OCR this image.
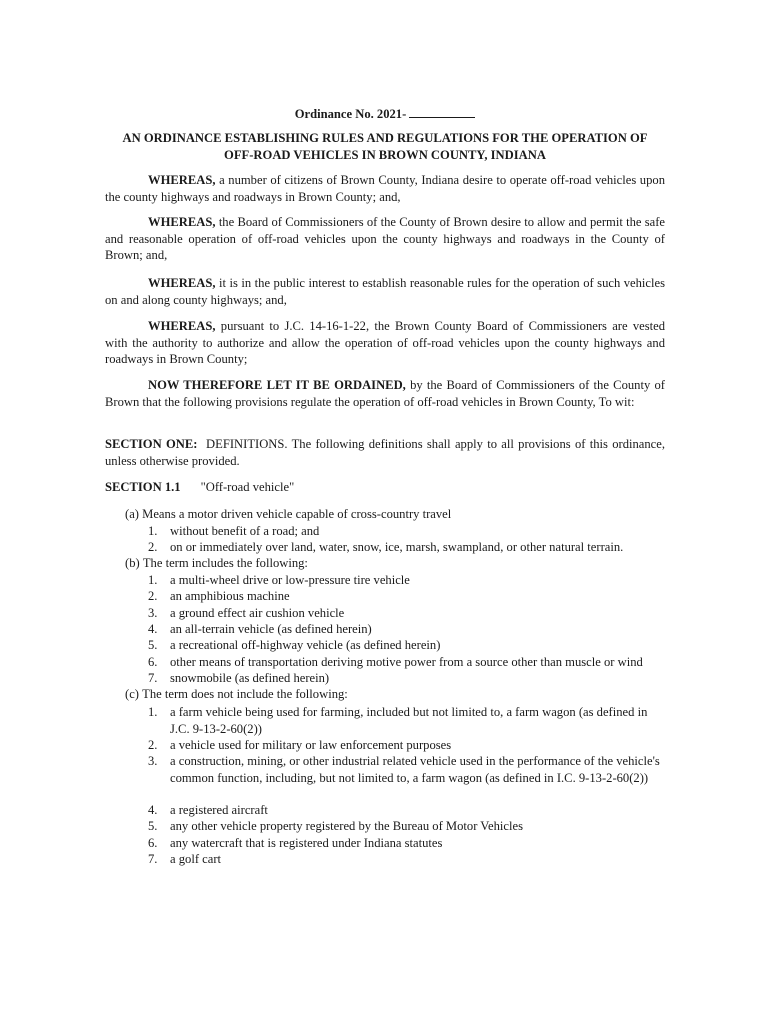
Ordinance No. 2021-
AN ORDINANCE ESTABLISHING RULES AND REGULATIONS FOR THE OPERATION OF
OFF-ROAD VEHICLES IN BROWN COUNTY, INDIANA
WHEREAS, a number of citizens of Brown County, Indiana desire to operate off-road vehicles upon the county highways and roadways in Brown County; and,
WHEREAS, the Board of Commissioners of the County of Brown desire to allow and permit the safe and reasonable operation of off-road vehicles upon the county highways and roadways in the County of Brown; and,
WHEREAS, it is in the public interest to establish reasonable rules for the operation of such vehicles on and along county highways; and,
WHEREAS, pursuant to J.C. 14-16-1-22, the Brown County Board of Commissioners are vested with the authority to authorize and allow the operation of off-road vehicles upon the county highways and roadways in Brown County;
NOW THEREFORE LET IT BE ORDAINED, by the Board of Commissioners of the County of Brown that the following provisions regulate the operation of off-road vehicles in Brown County, To wit:
SECTION ONE: DEFINITIONS. The following definitions shall apply to all provisions of this ordinance, unless otherwise provided.
SECTION 1.1 "Off-road vehicle"
(a) Means a motor driven vehicle capable of cross-country travel
1. without benefit of a road; and
2. on or immediately over land, water, snow, ice, marsh, swampland, or other natural terrain.
(b) The term includes the following:
1. a multi-wheel drive or low-pressure tire vehicle
2. an amphibious machine
3. a ground effect air cushion vehicle
4. an all-terrain vehicle (as defined herein)
5. a recreational off-highway vehicle (as defined herein)
6. other means of transportation deriving motive power from a source other than muscle or wind
7. snowmobile (as defined herein)
(c) The term does not include the following:
1. a farm vehicle being used for farming, included but not limited to, a farm wagon (as defined in J.C. 9-13-2-60(2))
2. a vehicle used for military or law enforcement purposes
3. a construction, mining, or other industrial related vehicle used in the performance of the vehicle's common function, including, but not limited to, a farm wagon (as defined in I.C. 9-13-2-60(2))
4. a registered aircraft
5. any other vehicle property registered by the Bureau of Motor Vehicles
6. any watercraft that is registered under Indiana statutes
7. a golf cart
